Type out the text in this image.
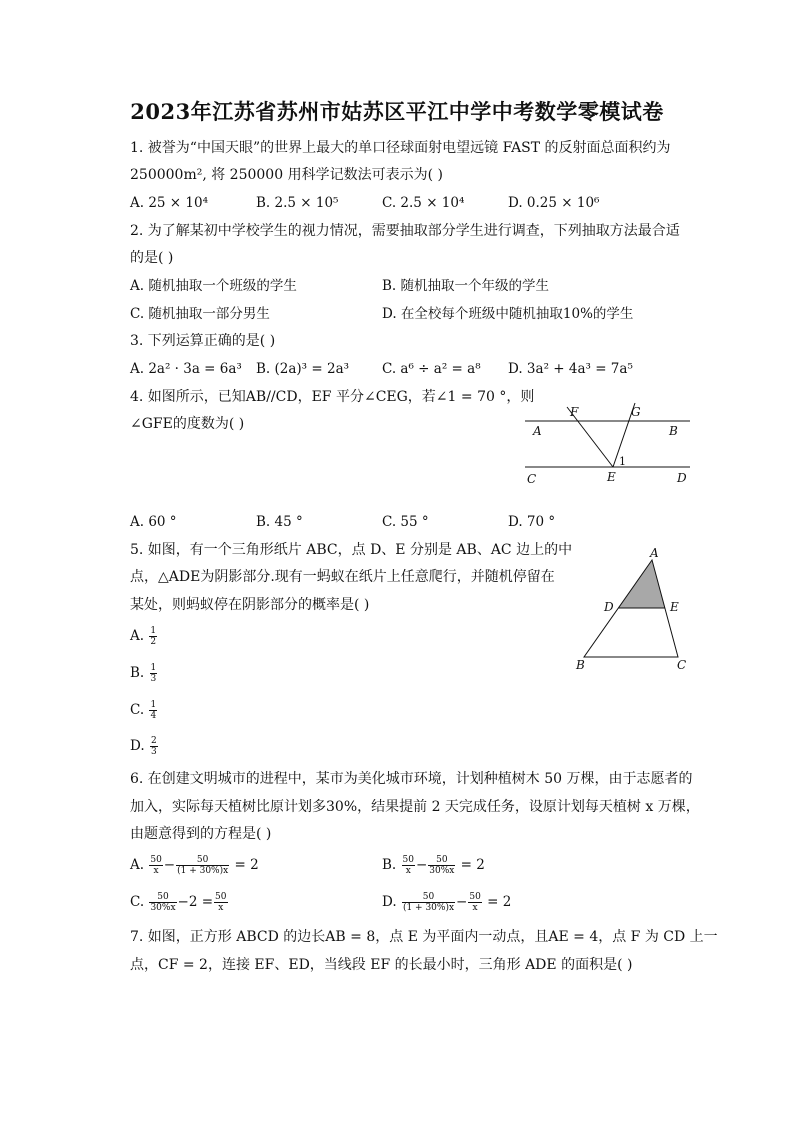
2023年江苏省苏州市姑苏区平江中学中考数学零模试卷
1. 被誉为“中国天眼”的世界上最大的单口径球面射电望远镜 FAST 的反射面总面积约为
250000m², 将 250000 用科学记数法可表示为( )
A. 25 × 10⁴	B. 2.5 × 10⁵	C. 2.5 × 10⁴	D. 0.25 × 10⁶
2. 为了解某初中学校学生的视力情况，需要抽取部分学生进行调查，下列抽取方法最合适
的是( )
A. 随机抽取一个班级的学生	B. 随机抽取一个年级的学生
C. 随机抽取一部分男生	D. 在全校每个班级中随机抽取10%的学生
3. 下列运算正确的是( )
A. 2a² · 3a = 6a³ B. (2a)³ = 2a³ C. a⁶ ÷ a² = a⁸ D. 3a² + 4a³ = 7a⁵
4. 如图所示，已知AB//CD，EF 平分∠CEG，若∠1 = 70 °，则
∠GFE的度数为( )
F	G
A	B
1
C	E	D
A. 60 °	B. 45 °	C. 55 °	D. 70 °
5. 如图，有一个三角形纸片 ABC，点 D、E 分别是 AB、AC 边上的中
点，△ADE为阴影部分.现有一蚂蚁在纸片上任意爬行，并随机停留在
某处，则蚂蚁停在阴影部分的概率是( )
A
D	E
B	C
A. $\frac{1}{2}$
B. $\frac{1}{3}$
C. $\frac{1}{4}$
D. $\frac{2}{3}$
6. 在创建文明城市的进程中，某市为美化城市环境，计划种植树木 50 万棵，由于志愿者的
加入，实际每天植树比原计划多30%，结果提前 2 天完成任务，设原计划每天植树 x 万棵，
由题意得到的方程是( )
A. $\frac{50}{x} - \frac{50}{(1 + 30\%)x} = 2$	B. $\frac{50}{x} - \frac{50}{30\%x} = 2$
C. $\frac{50}{30\%x} -2 = \frac{50}{x}$	D. $\frac{50}{(1 + 30\%)x} - \frac{50}{x} = 2$
7. 如图，正方形 ABCD 的边长AB = 8，点 E 为平面内一动点，且AE = 4，点 F 为 CD 上一
点，CF = 2，连接 EF、ED，当线段 EF 的长最小时，三角形 ADE 的面积是( )
